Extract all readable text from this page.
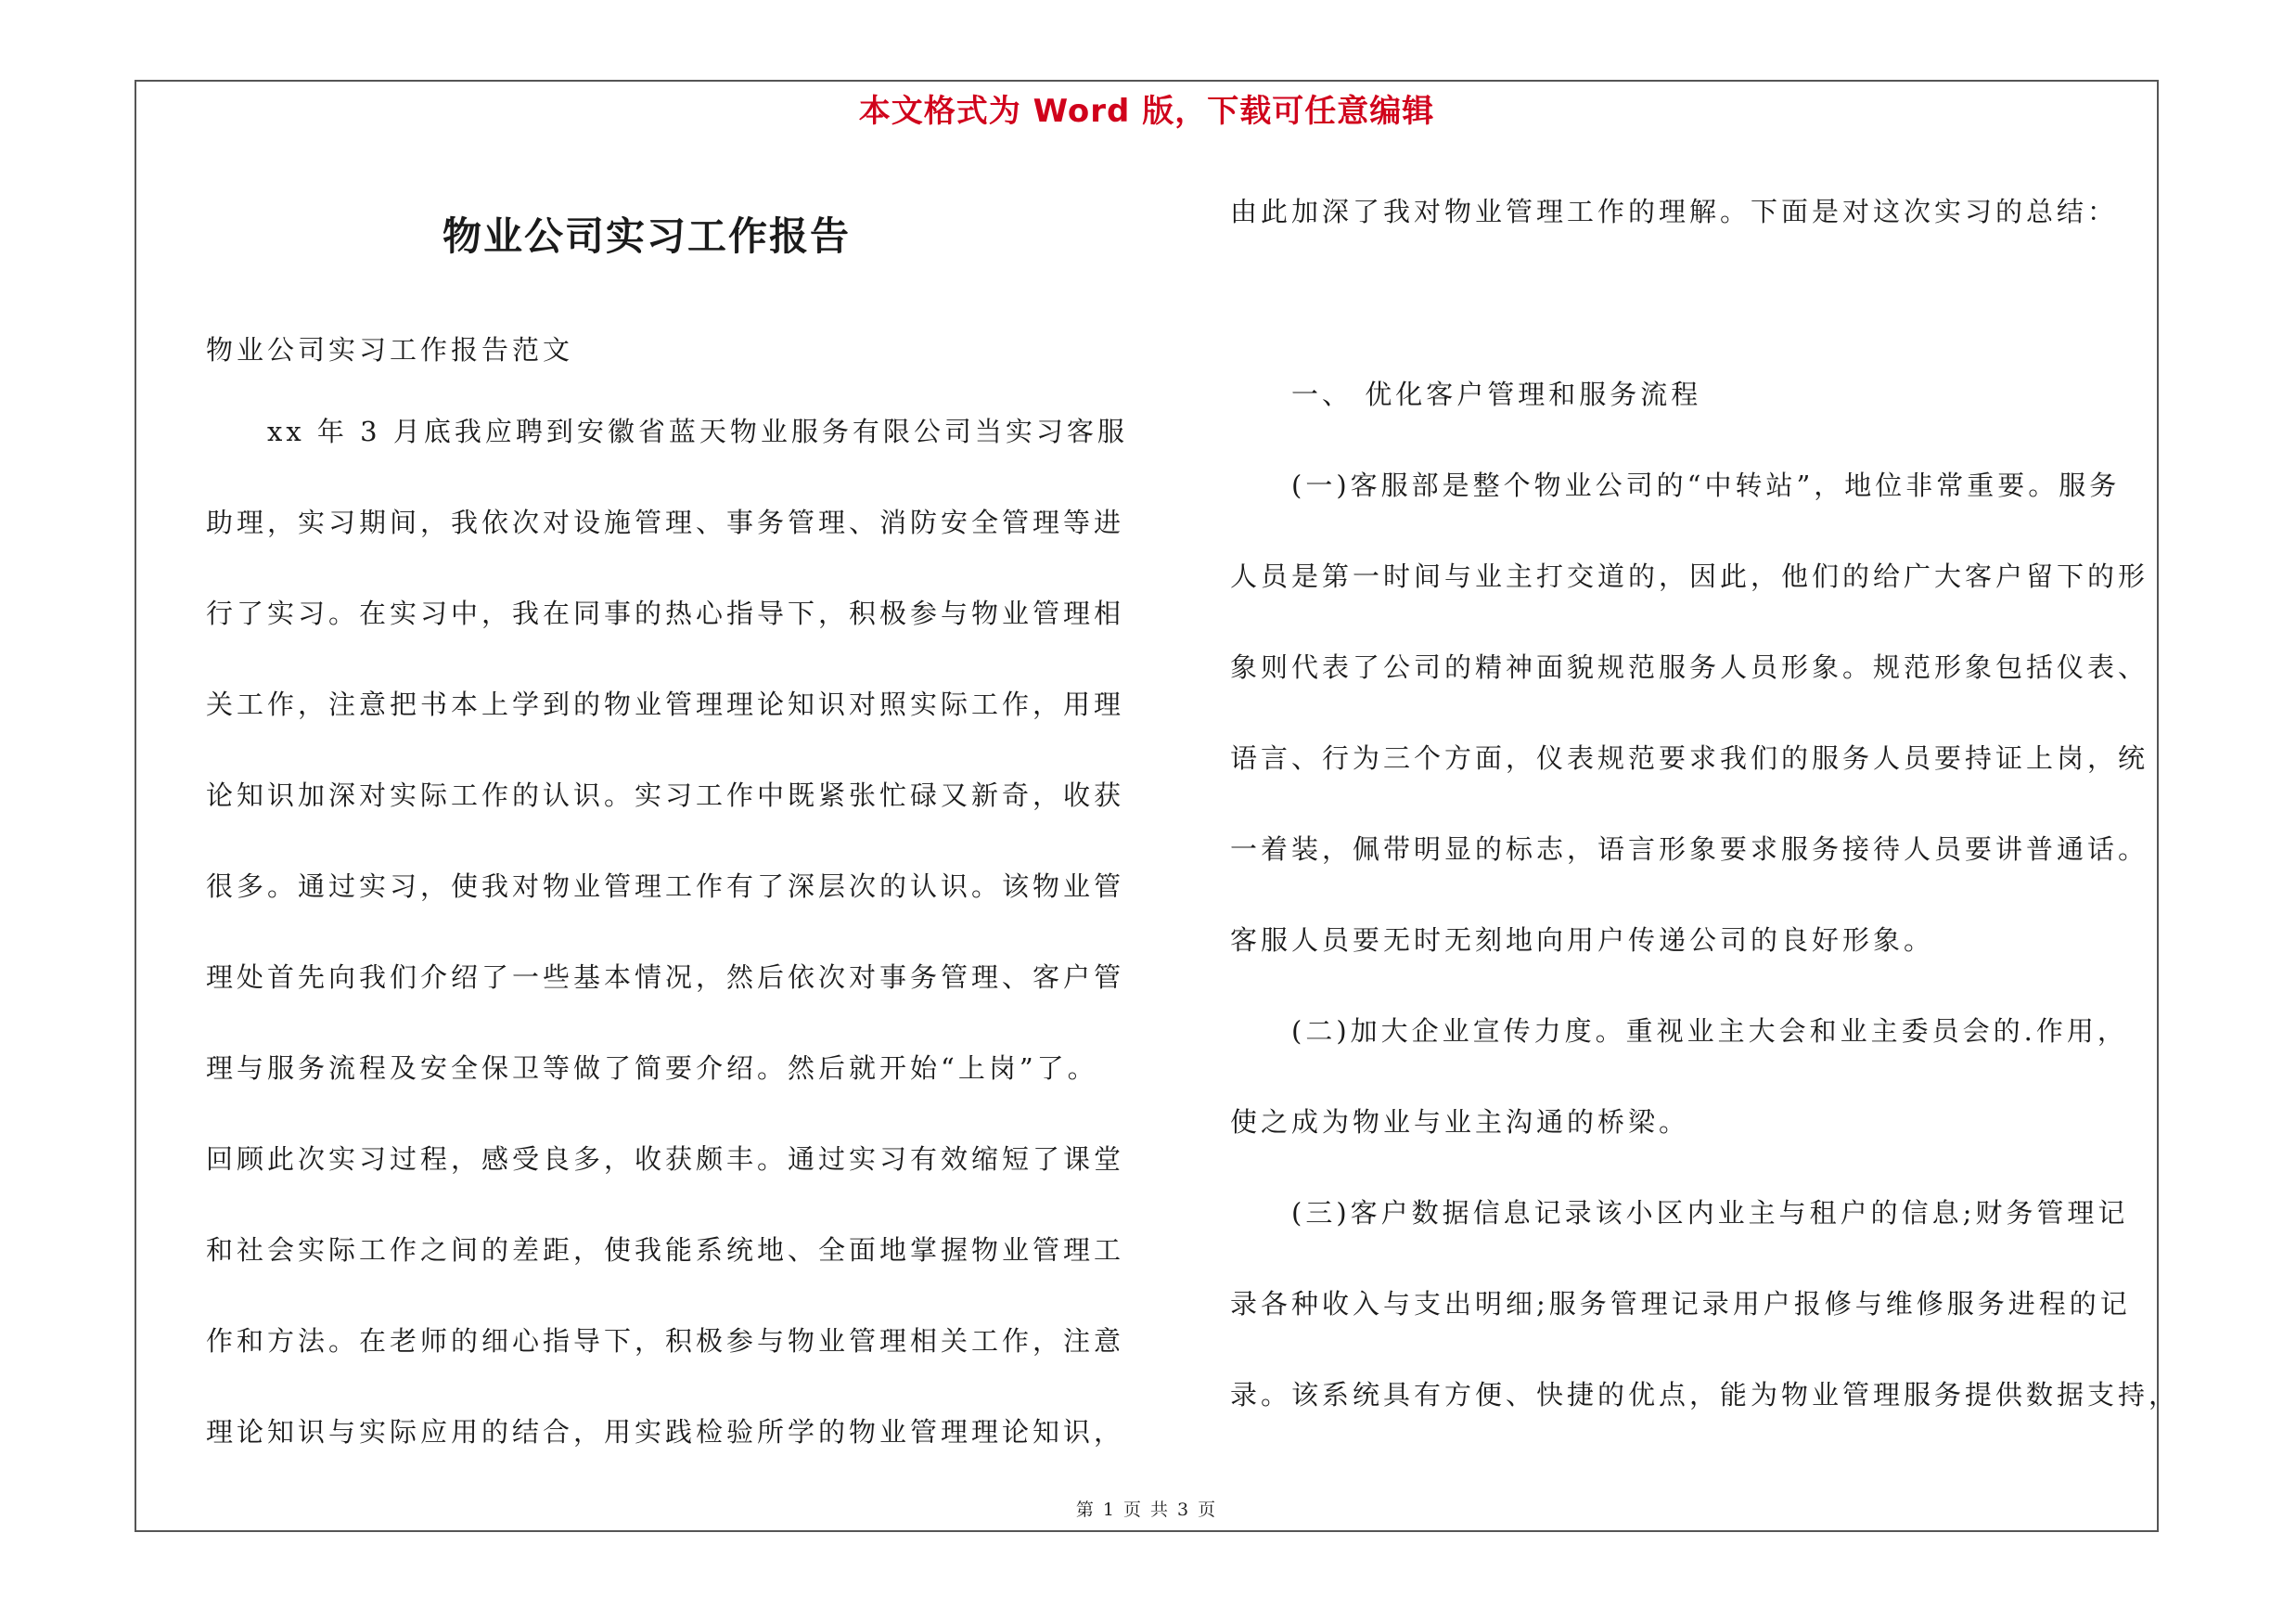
本文格式为 Word 版，下载可任意编辑
物业公司实习工作报告
物业公司实习工作报告范文
　　xx 年 3 月底我应聘到安徽省蓝天物业服务有限公司当实习客服
助理，实习期间，我依次对设施管理、事务管理、消防安全管理等进
行了实习。在实习中，我在同事的热心指导下，积极参与物业管理相
关工作，注意把书本上学到的物业管理理论知识对照实际工作，用理
论知识加深对实际工作的认识。实习工作中既紧张忙碌又新奇，收获
很多。通过实习，使我对物业管理工作有了深层次的认识。该物业管
理处首先向我们介绍了一些基本情况，然后依次对事务管理、客户管
理与服务流程及安全保卫等做了简要介绍。然后就开始“上岗”了。
回顾此次实习过程，感受良多，收获颇丰。通过实习有效缩短了课堂
和社会实际工作之间的差距，使我能系统地、全面地掌握物业管理工
作和方法。在老师的细心指导下，积极参与物业管理相关工作，注意
理论知识与实际应用的结合，用实践检验所学的物业管理理论知识，
由此加深了我对物业管理工作的理解。下面是对这次实习的总结：
　　一、 优化客户管理和服务流程
　　(一)客服部是整个物业公司的“中转站”，地位非常重要。服务
人员是第一时间与业主打交道的，因此，他们的给广大客户留下的形
象则代表了公司的精神面貌规范服务人员形象。规范形象包括仪表、
语言、行为三个方面，仪表规范要求我们的服务人员要持证上岗，统
一着装，佩带明显的标志，语言形象要求服务接待人员要讲普通话。
客服人员要无时无刻地向用户传递公司的良好形象。
　　(二)加大企业宣传力度。重视业主大会和业主委员会的.作用，
使之成为物业与业主沟通的桥梁。
　　(三)客户数据信息记录该小区内业主与租户的信息;财务管理记
录各种收入与支出明细;服务管理记录用户报修与维修服务进程的记
录。该系统具有方便、快捷的优点，能为物业管理服务提供数据支持，
第 1 页 共 3 页
